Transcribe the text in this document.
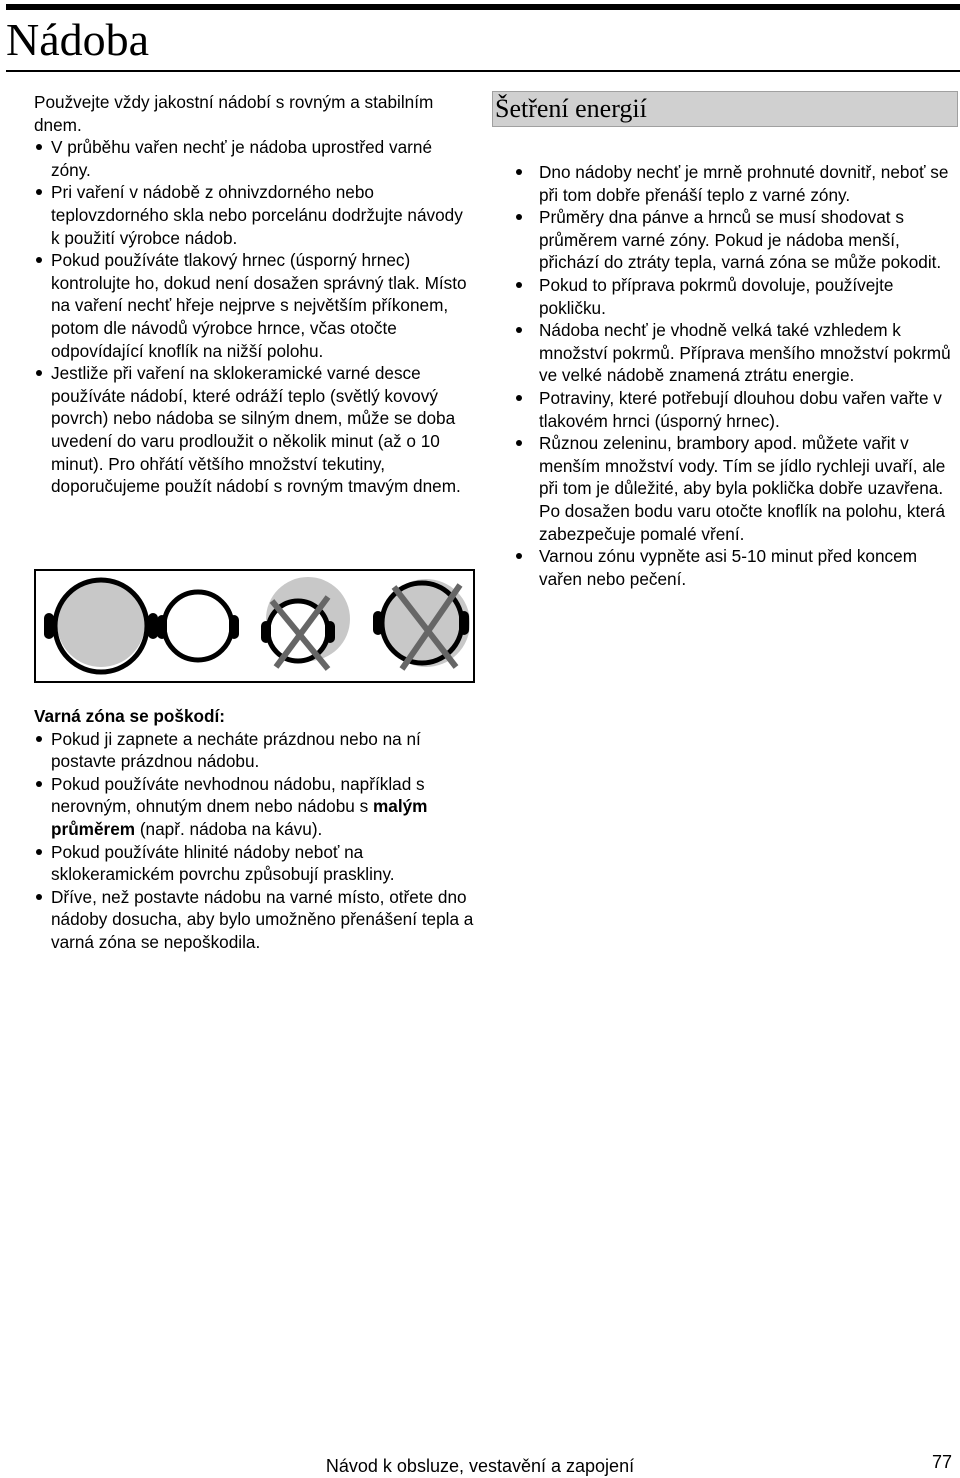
Nádoba

Použvejte vždy jakostní nádobí s rovným a stabilním dnem.

V průběhu vařen nechť je nádoba uprostřed varné zóny.
Pri vaření v nádobě z ohnivzdorného nebo teplovzdorného skla nebo porcelánu dodržujte návody k použití výrobce nádob.
Pokud používáte tlakový hrnec (úsporný hrnec) kontrolujte ho, dokud není dosažen správný tlak. Místo na vaření nechť hřeje nejprve s největším příkonem, potom dle návodů výrobce hrnce, včas otočte odpovídající knoflík na nižší polohu.
Jestliže při vaření na sklokeramické varné desce používáte nádobí, které odráží teplo (světlý kovový povrch) nebo nádoba se silným dnem, může se doba uvedení do varu prodloužit o několik minut (až o 10 minut). Pro ohřátí většího množství tekutiny, doporučujeme použít nádobí s rovným tmavým dnem.

Varná zóna se poškodí:

Pokud ji zapnete a necháte prázdnou nebo na ní postavte prázdnou nádobu.
Pokud používáte nevhodnou nádobu, například s nerovným, ohnutým dnem nebo nádobu s malým průměrem (např. nádoba na kávu).
Pokud používáte hlinité nádoby neboť na sklokeramickém povrchu způsobují praskliny.
Dříve, než postavte nádobu na varné místo, otřete dno nádoby dosucha, aby bylo umožněno přenášení tepla a varná zóna se nepoškodila.
Šetření energií
Dno nádoby nechť je mrně prohnuté dovnitř, neboť se při tom dobře přenáší teplo z varné zóny.
Průměry dna pánve a hrnců se musí shodovat s průměrem varné zóny. Pokud je nádoba menší, přichází do ztráty tepla, varná zóna se může pokodit.
Pokud to příprava pokrmů dovoluje, používejte pokličku.
Nádoba nechť je vhodně velká také vzhledem k množství pokrmů. Příprava menšího množství pokrmů ve velké nádobě znamená ztrátu energie.
Potraviny, které potřebují dlouhou dobu vařen vařte v tlakovém hrnci (úsporný hrnec).
Různou zeleninu, brambory apod. můžete vařit v menším množství vody. Tím se jídlo rychleji uvaří, ale při tom je důležité, aby byla poklička dobře uzavřena. Po dosažen bodu varu otočte knoflík na polohu, která zabezpečuje pomalé vření.
Varnou zónu vypněte asi 5-10 minut před koncem vařen nebo pečení.
Návod k obsluze, vestavění a zapojení	77
